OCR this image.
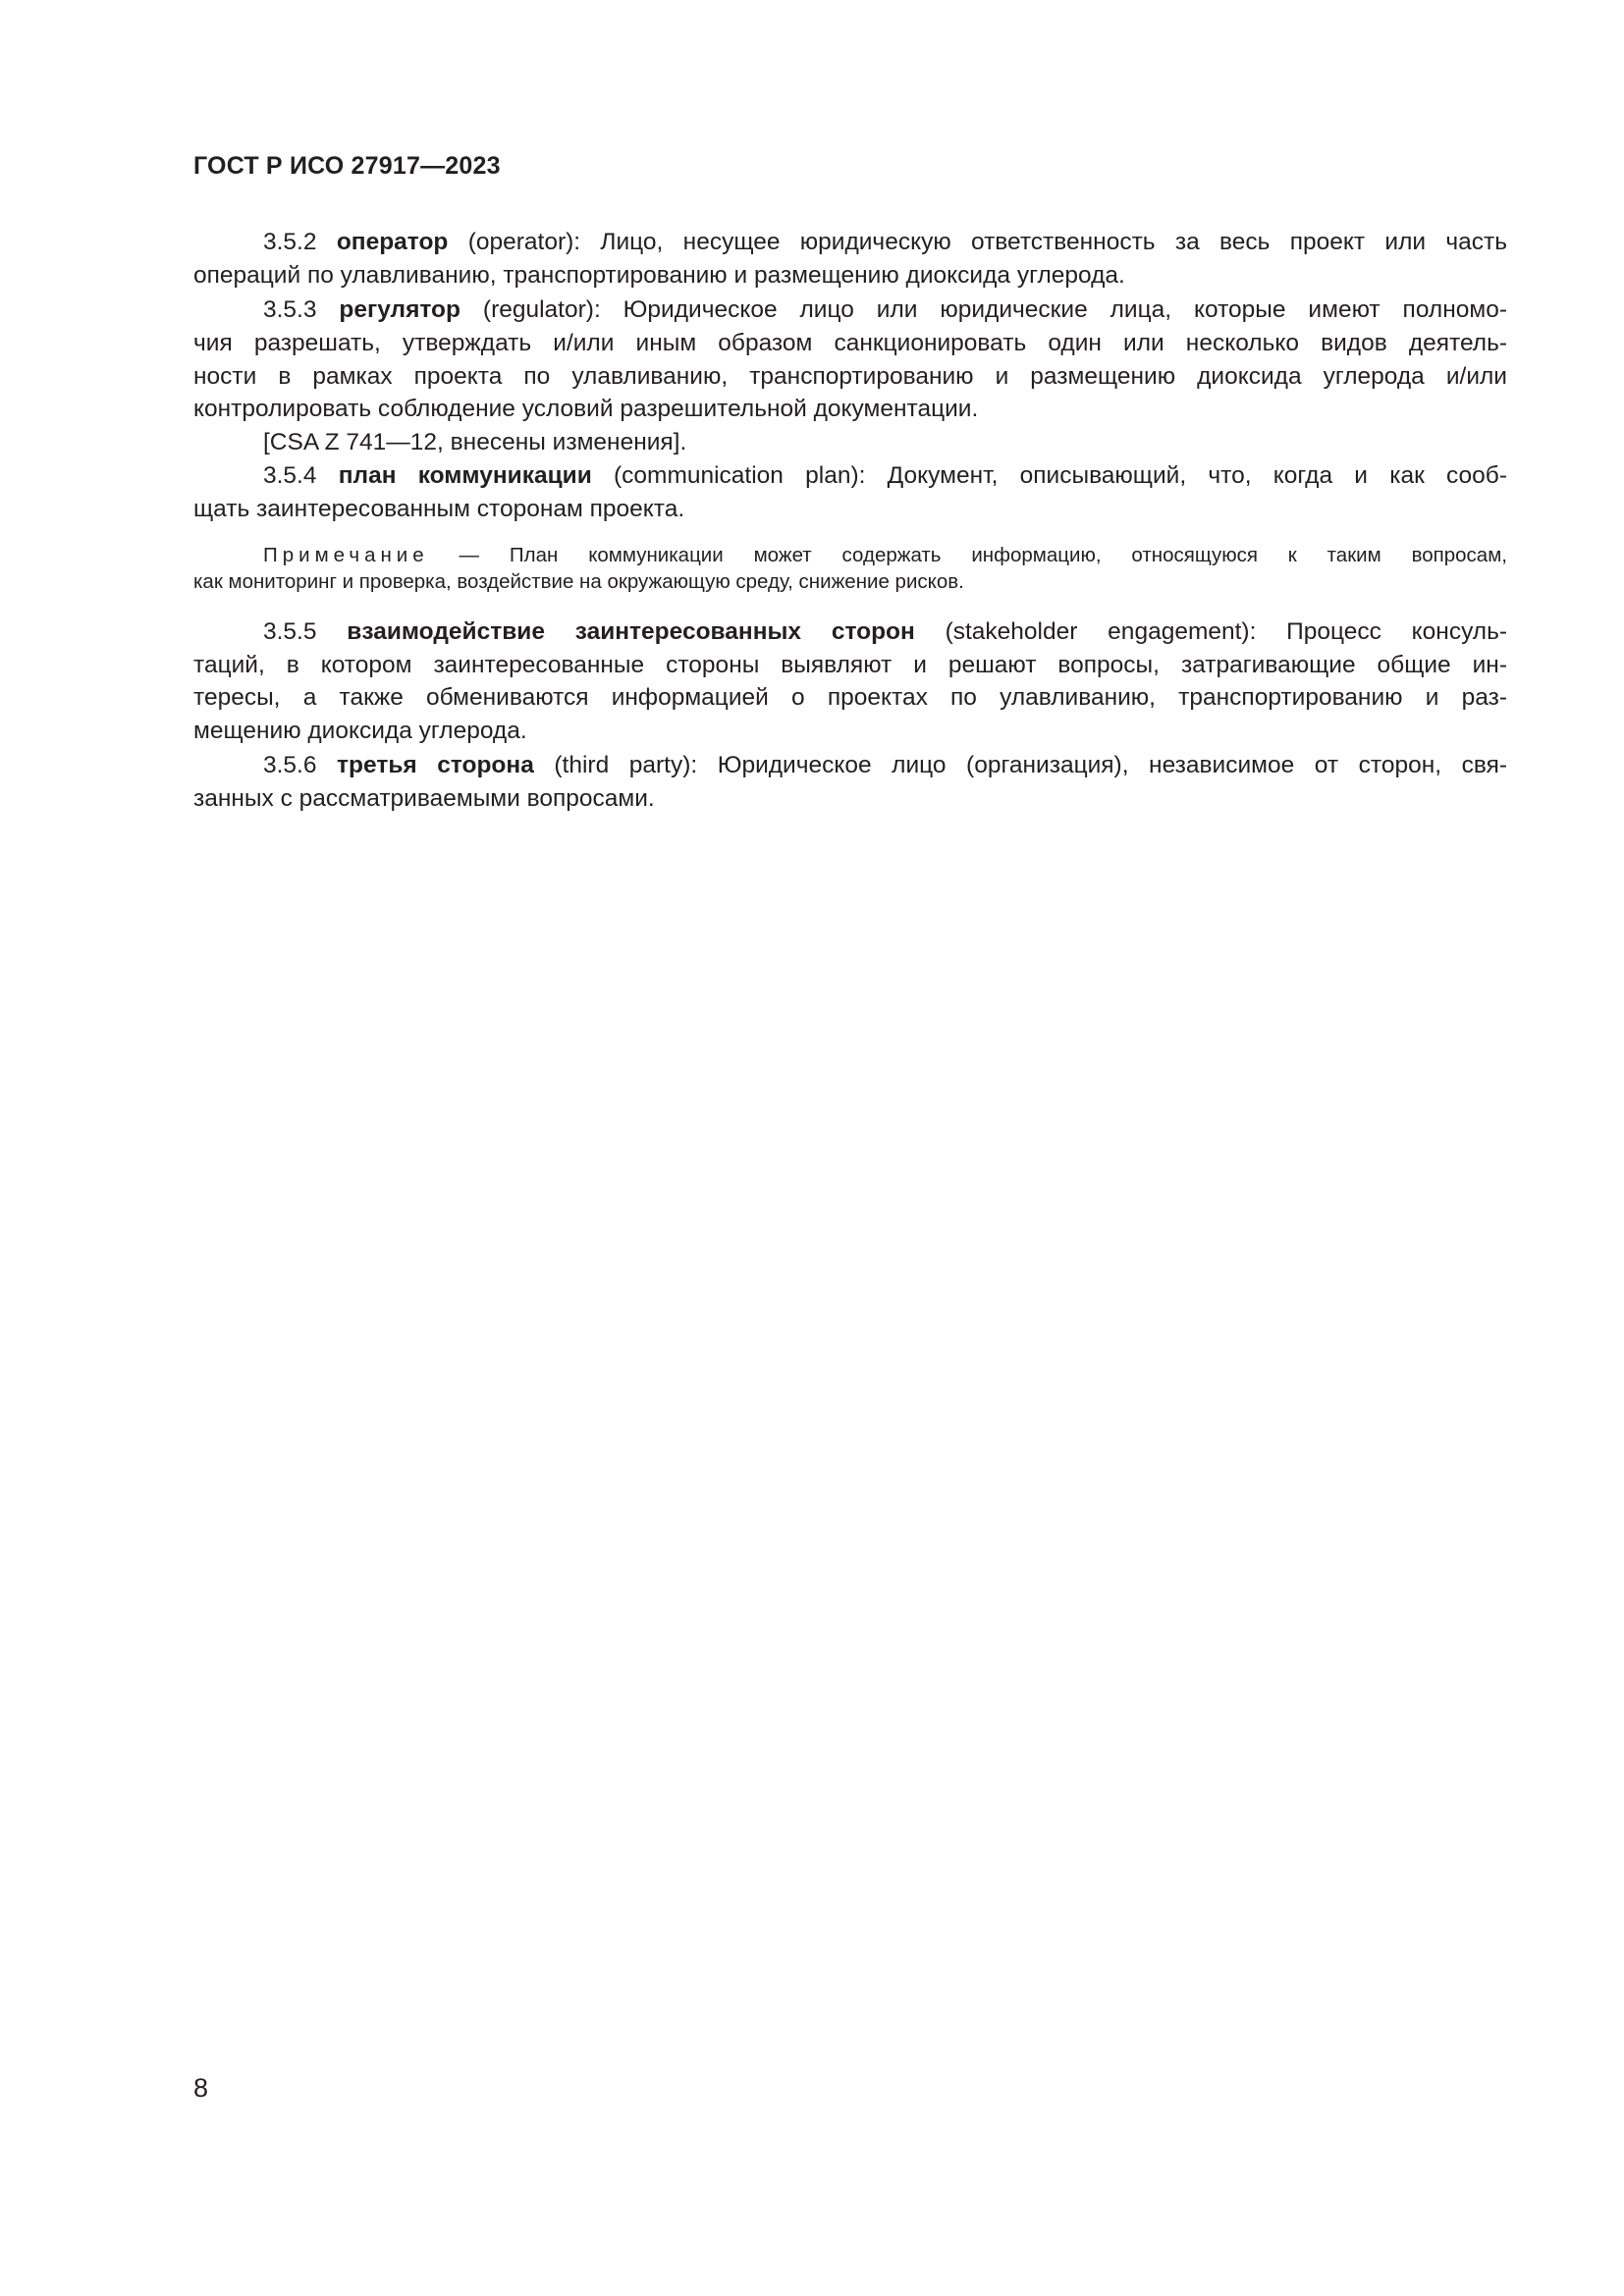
ГОСТ Р ИСО 27917—2023
3.5.2 оператор (operator): Лицо, несущее юридическую ответственность за весь проект или часть
операций по улавливанию, транспортированию и размещению диоксида углерода.
3.5.3 регулятор (regulator): Юридическое лицо или юридические лица, которые имеют полномо-
чия разрешать, утверждать и/или иным образом санкционировать один или несколько видов деятель-
ности в рамках проекта по улавливанию, транспортированию и размещению диоксида углерода и/или
контролировать соблюдение условий разрешительной документации.
[CSA Z 741—12, внесены изменения].
3.5.4 план коммуникации (communication plan): Документ, описывающий, что, когда и как сооб-
щать заинтересованным сторонам проекта.
Примечание — План коммуникации может содержать информацию, относящуюся к таким вопросам,
как мониторинг и проверка, воздействие на окружающую среду, снижение рисков.
3.5.5 взаимодействие заинтересованных сторон (stakeholder engagement): Процесс консуль-
таций, в котором заинтересованные стороны выявляют и решают вопросы, затрагивающие общие ин-
тересы, а также обмениваются информацией о проектах по улавливанию, транспортированию и раз-
мещению диоксида углерода.
3.5.6 третья сторона (third party): Юридическое лицо (организация), независимое от сторон, свя-
занных с рассматриваемыми вопросами.
8
